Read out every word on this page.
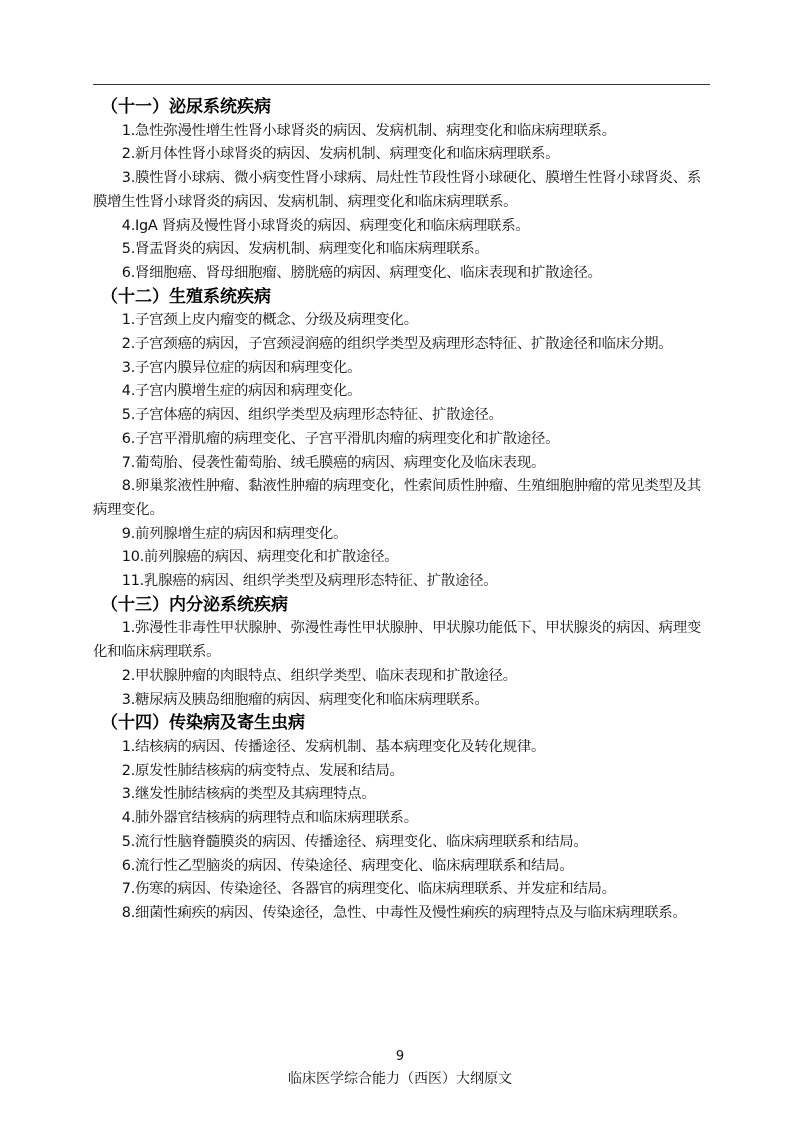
（十一）泌尿系统疾病

1.急性弥漫性增生性肾小球肾炎的病因、发病机制、病理变化和临床病理联系。

2.新月体性肾小球肾炎的病因、发病机制、病理变化和临床病理联系。

3.膜性肾小球病、微小病变性肾小球病、局灶性节段性肾小球硬化、膜增生性肾小球肾炎、系膜增生性肾小球肾炎的病因、发病机制、病理变化和临床病理联系。

4.IgA 肾病及慢性肾小球肾炎的病因、病理变化和临床病理联系。

5.肾盂肾炎的病因、发病机制、病理变化和临床病理联系。

6.肾细胞癌、肾母细胞瘤、膀胱癌的病因、病理变化、临床表现和扩散途径。

（十二）生殖系统疾病

1.子宫颈上皮内瘤变的概念、分级及病理变化。

2.子宫颈癌的病因，子宫颈浸润癌的组织学类型及病理形态特征、扩散途径和临床分期。

3.子宫内膜异位症的病因和病理变化。

4.子宫内膜增生症的病因和病理变化。

5.子宫体癌的病因、组织学类型及病理形态特征、扩散途径。

6.子宫平滑肌瘤的病理变化、子宫平滑肌肉瘤的病理变化和扩散途径。

7.葡萄胎、侵袭性葡萄胎、绒毛膜癌的病因、病理变化及临床表现。

8.卵巢浆液性肿瘤、黏液性肿瘤的病理变化，性索间质性肿瘤、生殖细胞肿瘤的常见类型及其病理变化。

9.前列腺增生症的病因和病理变化。

10.前列腺癌的病因、病理变化和扩散途径。

11.乳腺癌的病因、组织学类型及病理形态特征、扩散途径。

（十三）内分泌系统疾病

1.弥漫性非毒性甲状腺肿、弥漫性毒性甲状腺肿、甲状腺功能低下、甲状腺炎的病因、病理变化和临床病理联系。

2.甲状腺肿瘤的肉眼特点、组织学类型、临床表现和扩散途径。

3.糖尿病及胰岛细胞瘤的病因、病理变化和临床病理联系。

（十四）传染病及寄生虫病

1.结核病的病因、传播途径、发病机制、基本病理变化及转化规律。

2.原发性肺结核病的病变特点、发展和结局。

3.继发性肺结核病的类型及其病理特点。

4.肺外器官结核病的病理特点和临床病理联系。

5.流行性脑脊髓膜炎的病因、传播途径、病理变化、临床病理联系和结局。

6.流行性乙型脑炎的病因、传染途径、病理变化、临床病理联系和结局。

7.伤寒的病因、传染途径、各器官的病理变化、临床病理联系、并发症和结局。

8.细菌性痢疾的病因、传染途径，急性、中毒性及慢性痢疾的病理特点及与临床病理联系。

9
临床医学综合能力（西医）大纲原文
